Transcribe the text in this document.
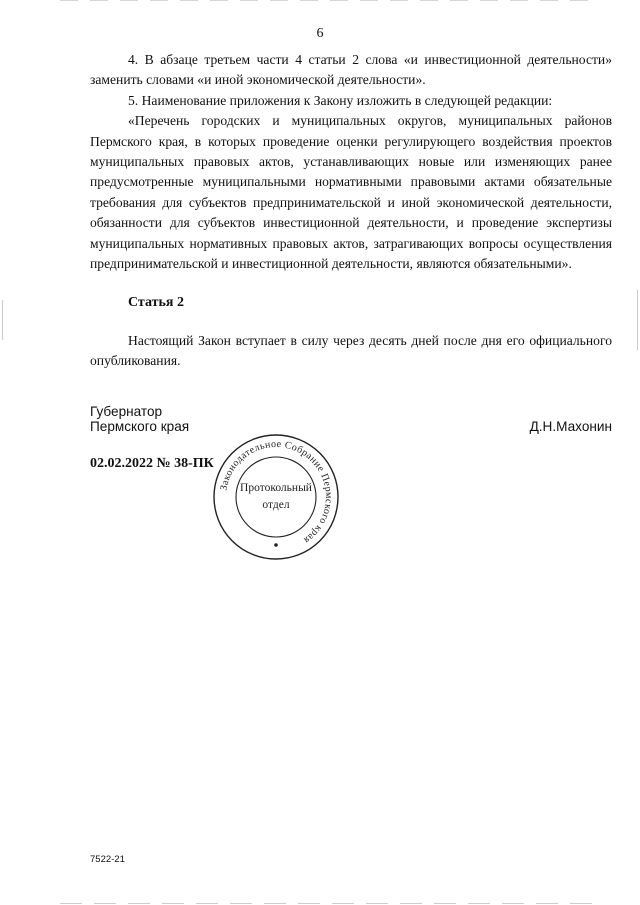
6

4. В абзаце третьем части 4 статьи 2 слова «и инвестиционной деятельности» заменить словами «и иной экономической деятельности».

5. Наименование приложения к Закону изложить в следующей редакции:

«Перечень городских и муниципальных округов, муниципальных районов Пермского края, в которых проведение оценки регулирующего воздействия проектов муниципальных правовых актов, устанавливающих новые или изменяющих ранее предусмотренные муниципальными нормативными правовыми актами обязательные требования для субъектов предпринимательской и иной экономической деятельности, обязанности для субъектов инвестиционной деятельности, и проведение экспертизы муниципальных нормативных правовых актов, затрагивающих вопросы осуществления предпринимательской и инвестиционной деятельности, являются обязательными».

Статья 2

Настоящий Закон вступает в силу через десять дней после дня его официального опубликования.

Губернатор
Пермского края	Д.Н.Махонин
02.02.2022 № 38-ПК
Законодательное Собрание Пермского края
Протокольный
отдел
7522-21
